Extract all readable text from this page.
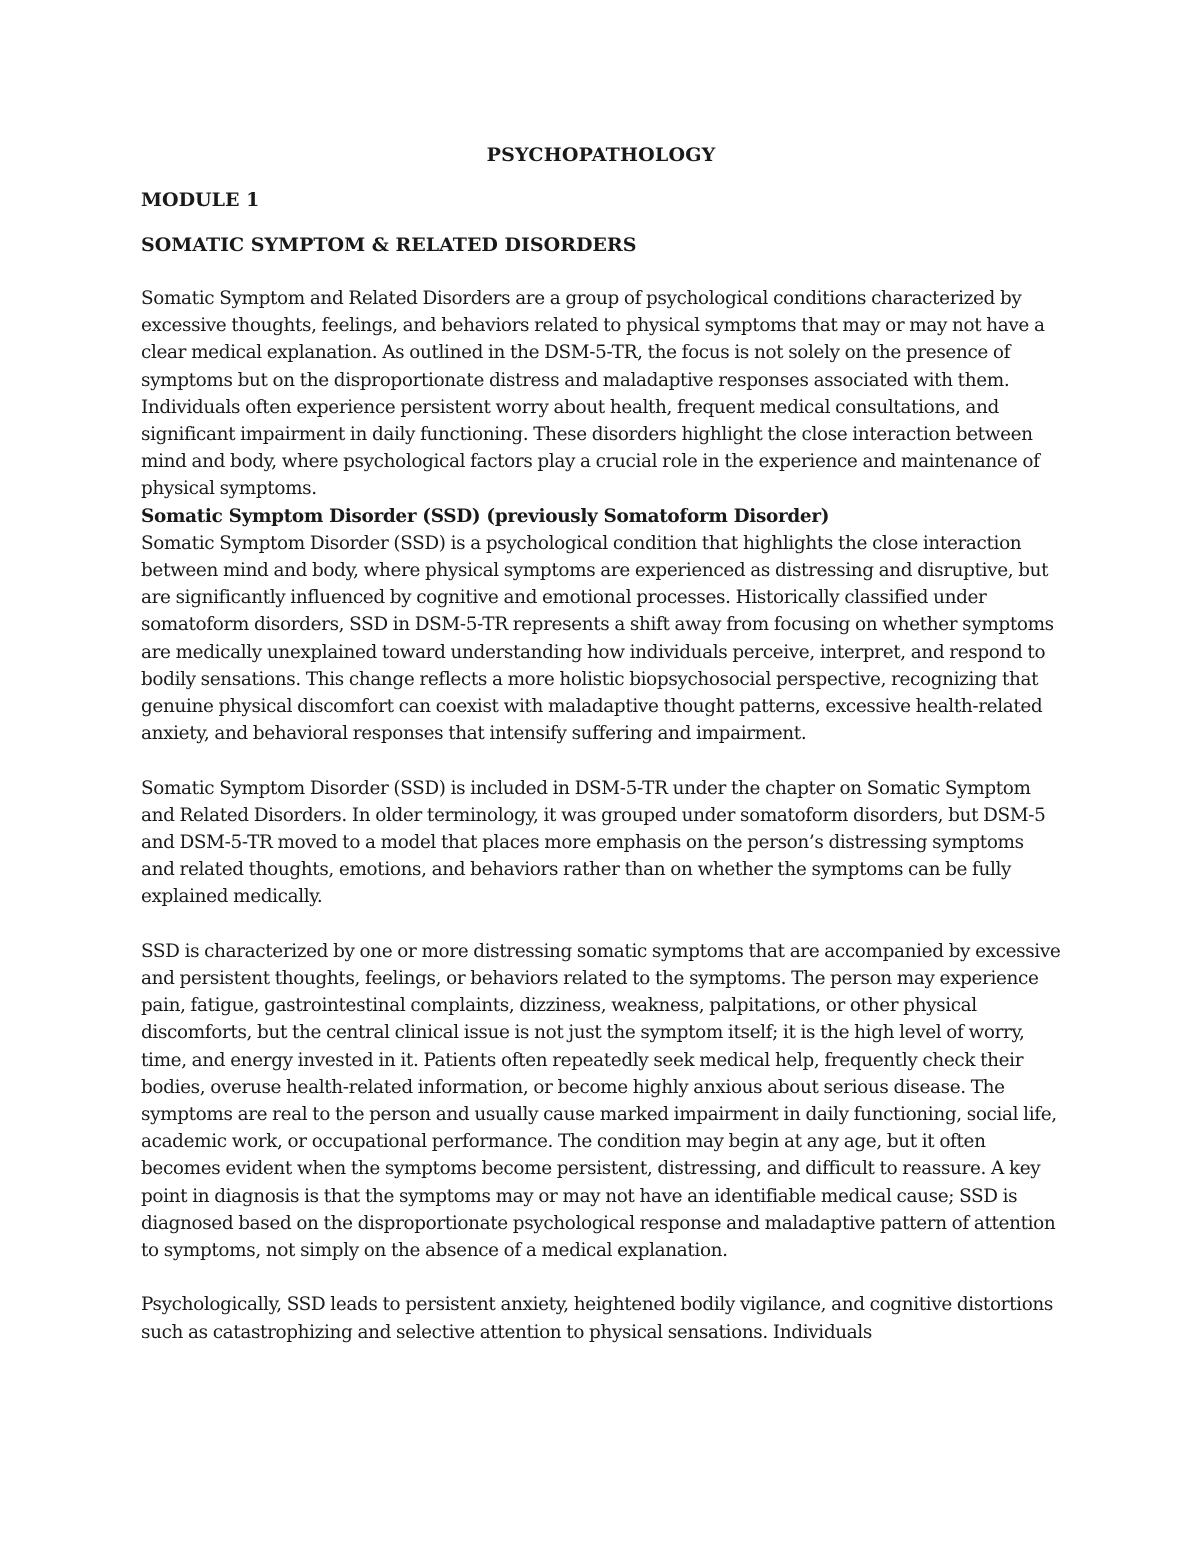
PSYCHOPATHOLOGY

MODULE 1

SOMATIC SYMPTOM & RELATED DISORDERS

Somatic Symptom and Related Disorders are a group of psychological conditions characterized by excessive thoughts, feelings, and behaviors related to physical symptoms that may or may not have a clear medical explanation. As outlined in the DSM-5-TR, the focus is not solely on the presence of symptoms but on the disproportionate distress and maladaptive responses associated with them. Individuals often experience persistent worry about health, frequent medical consultations, and significant impairment in daily functioning. These disorders highlight the close interaction between mind and body, where psychological factors play a crucial role in the experience and maintenance of physical symptoms.

Somatic Symptom Disorder (SSD) (previously Somatoform Disorder)

Somatic Symptom Disorder (SSD) is a psychological condition that highlights the close interaction between mind and body, where physical symptoms are experienced as distressing and disruptive, but are significantly influenced by cognitive and emotional processes. Historically classified under somatoform disorders, SSD in DSM-5-TR represents a shift away from focusing on whether symptoms are medically unexplained toward understanding how individuals perceive, interpret, and respond to bodily sensations. This change reflects a more holistic biopsychosocial perspective, recognizing that genuine physical discomfort can coexist with maladaptive thought patterns, excessive health-related anxiety, and behavioral responses that intensify suffering and impairment.

Somatic Symptom Disorder (SSD) is included in DSM-5-TR under the chapter on Somatic Symptom and Related Disorders. In older terminology, it was grouped under somatoform disorders, but DSM-5 and DSM-5-TR moved to a model that places more emphasis on the person’s distressing symptoms and related thoughts, emotions, and behaviors rather than on whether the symptoms can be fully explained medically.

SSD is characterized by one or more distressing somatic symptoms that are accompanied by excessive and persistent thoughts, feelings, or behaviors related to the symptoms. The person may experience pain, fatigue, gastrointestinal complaints, dizziness, weakness, palpitations, or other physical discomforts, but the central clinical issue is not just the symptom itself; it is the high level of worry, time, and energy invested in it. Patients often repeatedly seek medical help, frequently check their bodies, overuse health-related information, or become highly anxious about serious disease. The symptoms are real to the person and usually cause marked impairment in daily functioning, social life, academic work, or occupational performance. The condition may begin at any age, but it often becomes evident when the symptoms become persistent, distressing, and difficult to reassure. A key point in diagnosis is that the symptoms may or may not have an identifiable medical cause; SSD is diagnosed based on the disproportionate psychological response and maladaptive pattern of attention to symptoms, not simply on the absence of a medical explanation.

Psychologically, SSD leads to persistent anxiety, heightened bodily vigilance, and cognitive distortions such as catastrophizing and selective attention to physical sensations. Individuals
